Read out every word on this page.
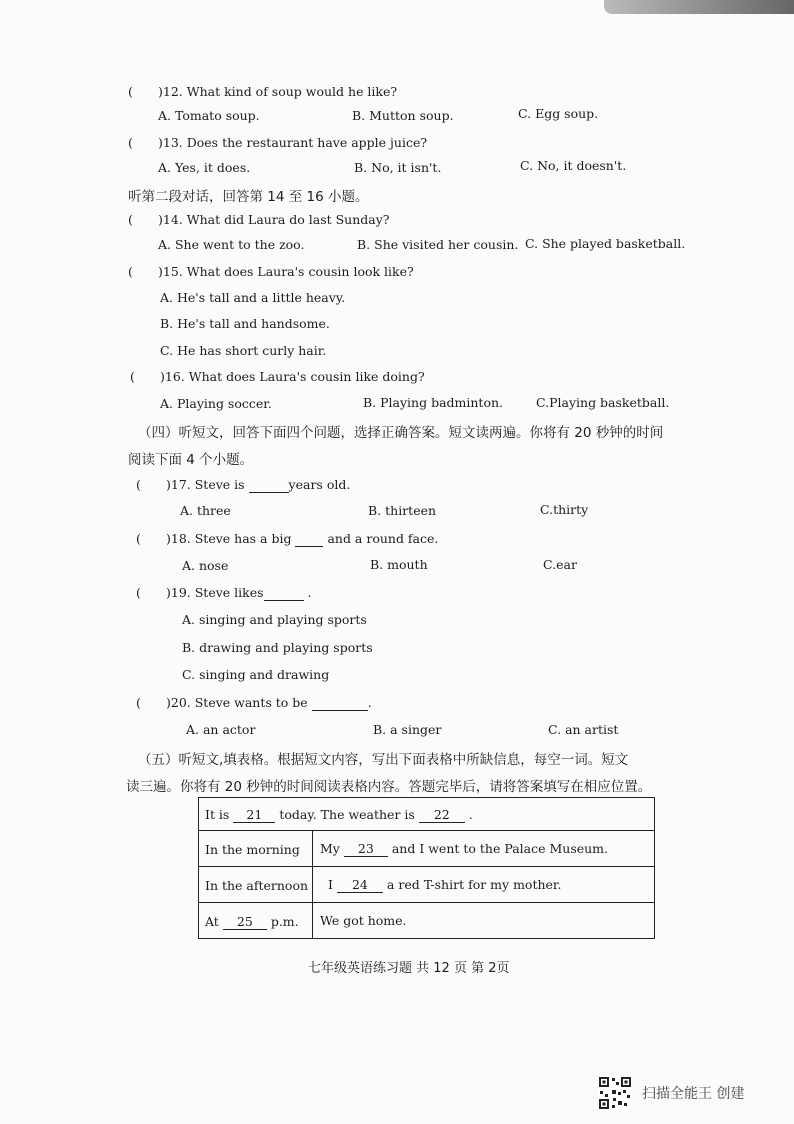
( )12. What kind of soup would he like?
A. Tomato soup.	B. Mutton soup.	C. Egg soup.
( )13. Does the restaurant have apple juice?
A. Yes, it does.	B. No, it isn't.	C. No, it doesn't.
听第二段对话，回答第 14 至 16 小题。
( )14. What did Laura do last Sunday?
A. She went to the zoo.	B. She visited her cousin. C. She played basketball.
( )15. What does Laura's cousin look like?
A. He's tall and a little heavy.
B. He's tall and handsome.
C. He has short curly hair.
( )16. What does Laura's cousin like doing?
A. Playing soccer.	B. Playing badminton.	C.Playing basketball.
（四）听短文，回答下面四个问题，选择正确答案。短文读两遍。你将有 20 秒钟的时间
阅读下面 4 个小题。
( )17. Steve is	years old.
A. three	B. thirteen	C.thirty
( )18. Steve has a big	and a round face.
A. nose	B. mouth	C.ear
( )19. Steve likes	.
A. singing and playing sports
B. drawing and playing sports
C. singing and drawing
( )20. Steve wants to be	.
A. an actor	B. a singer	C. an artist
（五）听短文,填表格。根据短文内容，写出下面表格中所缺信息，每空一词。短文
读三遍。你将有 20 秒钟的时间阅读表格内容。答题完毕后，请将答案填写在相应位置。
It is 21 today. The weather is 22 .
In the morning My 23 and I went to the Palace Museum.
In the afternoon I 24 a red T-shirt for my mother.
At 25 p.m. We got home.
七年级英语练习题 共 12 页 第 2页
扫描全能王 创建
